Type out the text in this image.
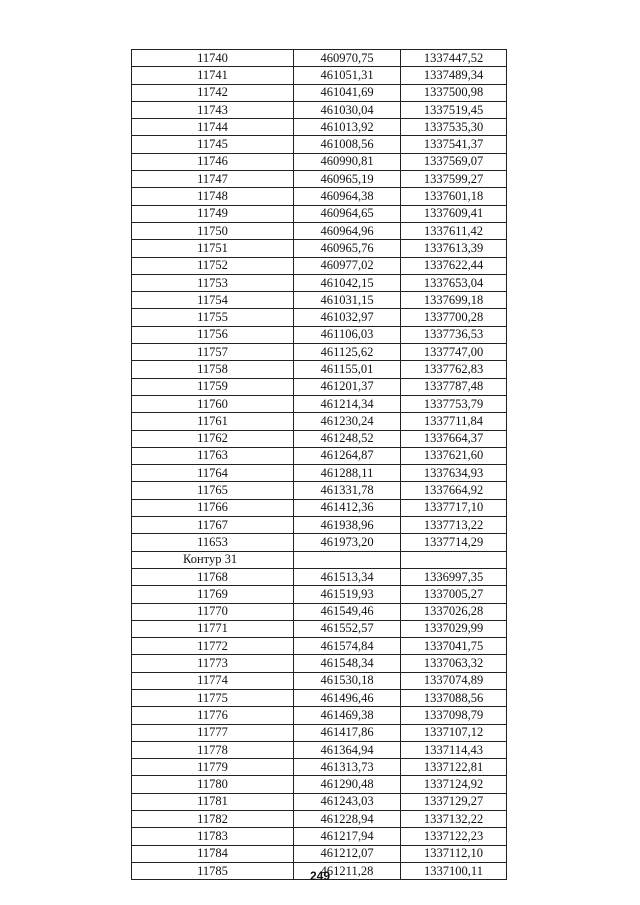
11740	460970,75	1337447,52
11741	461051,31	1337489,34
11742	461041,69	1337500,98
11743	461030,04	1337519,45
11744	461013,92	1337535,30
11745	461008,56	1337541,37
11746	460990,81	1337569,07
11747	460965,19	1337599,27
11748	460964,38	1337601,18
11749	460964,65	1337609,41
11750	460964,96	1337611,42
11751	460965,76	1337613,39
11752	460977,02	1337622,44
11753	461042,15	1337653,04
11754	461031,15	1337699,18
11755	461032,97	1337700,28
11756	461106,03	1337736,53
11757	461125,62	1337747,00
11758	461155,01	1337762,83
11759	461201,37	1337787,48
11760	461214,34	1337753,79
11761	461230,24	1337711,84
11762	461248,52	1337664,37
11763	461264,87	1337621,60
11764	461288,11	1337634,93
11765	461331,78	1337664,92
11766	461412,36	1337717,10
11767	461938,96	1337713,22
11653	461973,20	1337714,29
Контур 31		
11768	461513,34	1336997,35
11769	461519,93	1337005,27
11770	461549,46	1337026,28
11771	461552,57	1337029,99
11772	461574,84	1337041,75
11773	461548,34	1337063,32
11774	461530,18	1337074,89
11775	461496,46	1337088,56
11776	461469,38	1337098,79
11777	461417,86	1337107,12
11778	461364,94	1337114,43
11779	461313,73	1337122,81
11780	461290,48	1337124,92
11781	461243,03	1337129,27
11782	461228,94	1337132,22
11783	461217,94	1337122,23
11784	461212,07	1337112,10
11785	461211,28	1337100,11
249
